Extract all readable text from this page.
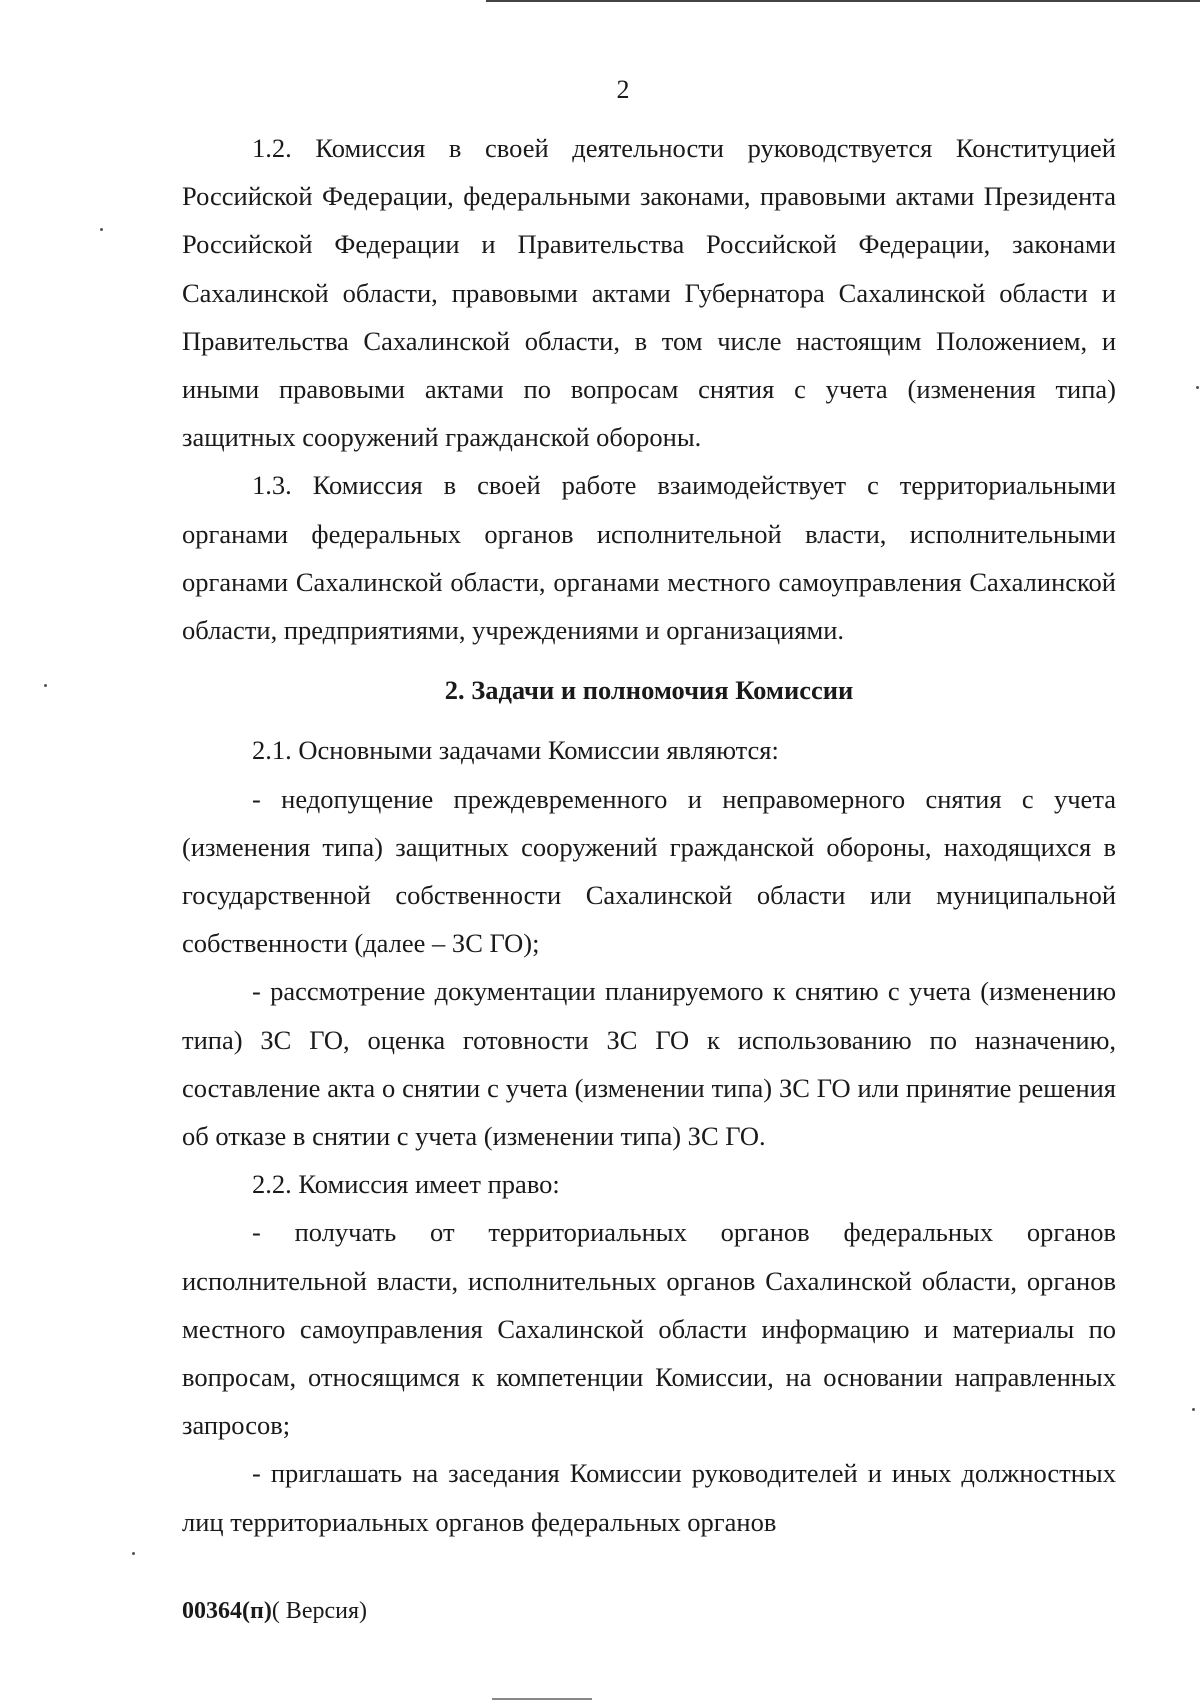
2

1.2. Комиссия в своей деятельности руководствуется Конституцией Российской Федерации, федеральными законами, правовыми актами Президента Российской Федерации и Правительства Российской Федерации, законами Сахалинской области, правовыми актами Губернатора Сахалинской области и Правительства Сахалинской области, в том числе настоящим Положением, и иными правовыми актами по вопросам снятия с учета (изменения типа) защитных сооружений гражданской обороны.

1.3. Комиссия в своей работе взаимодействует с территориальными органами федеральных органов исполнительной власти, исполнительными органами Сахалинской области, органами местного самоуправления Сахалинской области, предприятиями, учреждениями и организациями.

2. Задачи и полномочия Комиссии

2.1. Основными задачами Комиссии являются:

- недопущение преждевременного и неправомерного снятия с учета (изменения типа) защитных сооружений гражданской обороны, находящихся в государственной собственности Сахалинской области или муниципальной собственности (далее – ЗС ГО);

- рассмотрение документации планируемого к снятию с учета (изменению типа) ЗС ГО, оценка готовности ЗС ГО к использованию по назначению, составление акта о снятии с учета (изменении типа) ЗС ГО или принятие решения об отказе в снятии с учета (изменении типа) ЗС ГО.

2.2. Комиссия имеет право:

- получать от территориальных органов федеральных органов исполнительной власти, исполнительных органов Сахалинской области, органов местного самоуправления Сахалинской области информацию и материалы по вопросам, относящимся к компетенции Комиссии, на основании направленных запросов;

- приглашать на заседания Комиссии руководителей и иных должностных лиц территориальных органов федеральных органов

00364(п)( Версия)
